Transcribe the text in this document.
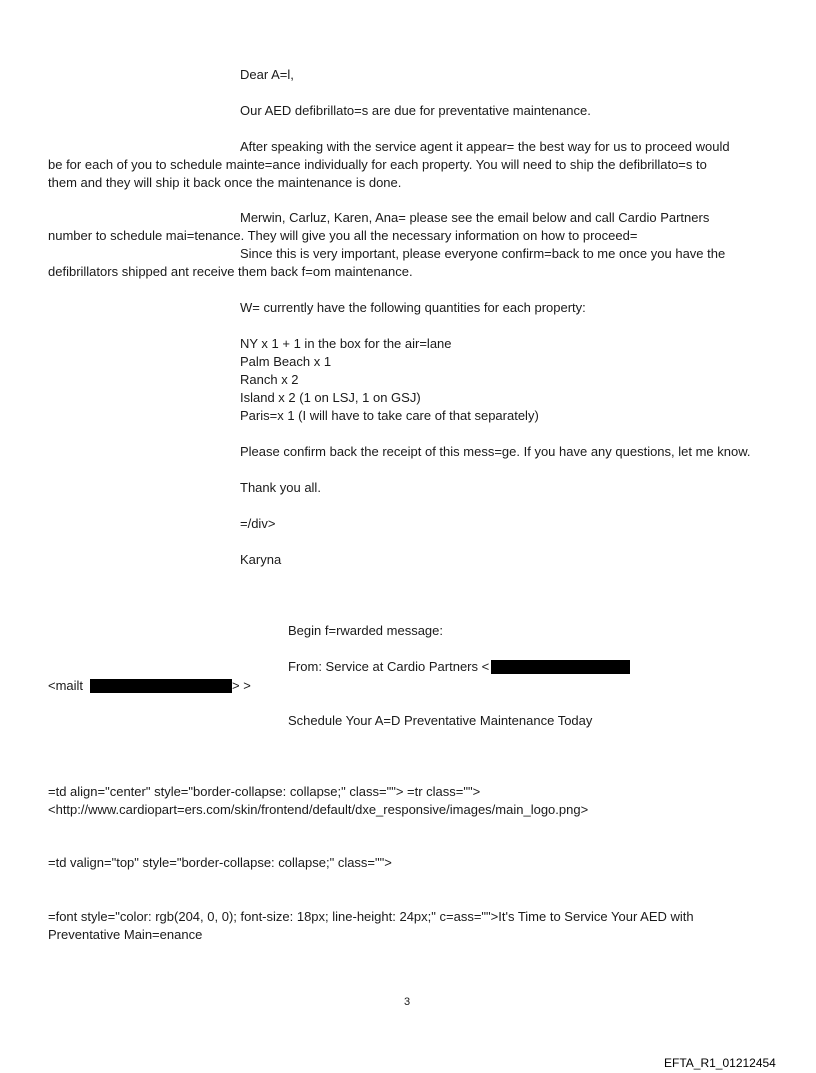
Dear A=l,
Our AED defibrillato=s are due for preventative maintenance.
After speaking with the service agent it appear= the best way for us to proceed would
be for each of you to schedule mainte=ance individually for each property. You will need to ship the defibrillato=s to
them and they will ship it back once the maintenance is done.
Merwin, Carluz, Karen, Ana= please see the email below and call Cardio Partners
number to schedule mai=tenance. They will give you all the necessary information on how to proceed=
Since this is very important, please everyone confirm=back to me once you have the
defibrillators shipped ant receive them back f=om maintenance.
W= currently have the following quantities for each property:
NY x 1 + 1 in the box for the air=lane
Palm Beach x 1
Ranch x 2
Island x 2 (1 on LSJ, 1 on GSJ)
Paris=x 1 (I will have to take care of that separately)
Please confirm back the receipt of this mess=ge. If you have any questions, let me know.
Thank you all.
=/div>
Karyna
Begin f=rwarded message:
From: Service at Cardio Partners <
<mailt	> >
Schedule Your A=D Preventative Maintenance Today
=td align="center" style="border-collapse: collapse;" class=""> =tr class="">
<http://www.cardiopart=ers.com/skin/frontend/default/dxe_responsive/images/main_logo.png>
=td valign="top" style="border-collapse: collapse;" class="">
=font style="color: rgb(204, 0, 0); font-size: 18px; line-height: 24px;" c=ass="">It's Time to Service Your AED with
Preventative Main=enance
3
EFTA_R1_01212454
